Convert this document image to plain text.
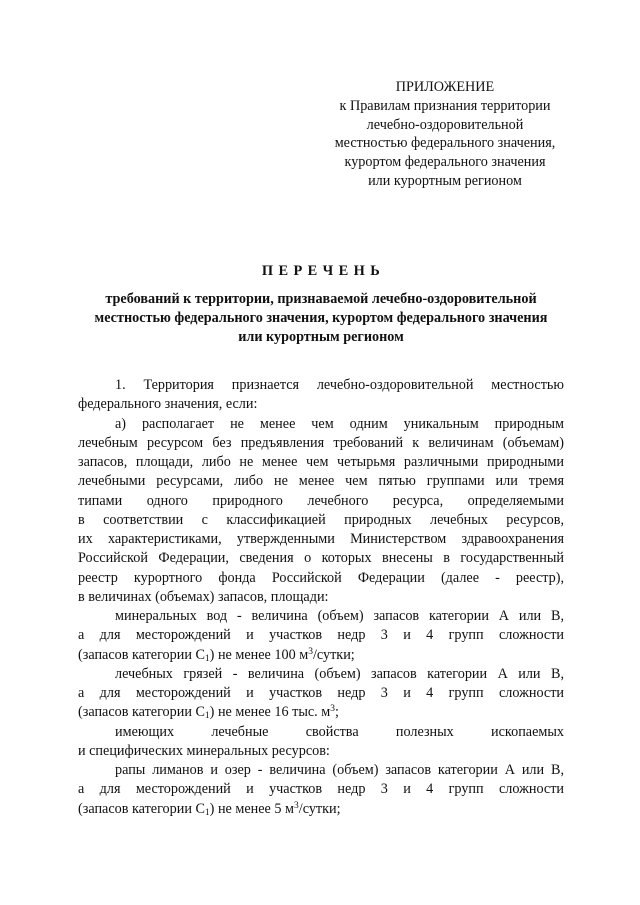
ПРИЛОЖЕНИЕ
к Правилам признания территории
лечебно-оздоровительной
местностью федерального значения,
курортом федерального значения
или курортным регионом
ПЕРЕЧЕНЬ
требований к территории, признаваемой лечебно-оздоровительной
местностью федерального значения, курортом федерального значения
или курортным регионом
1. Территория признается лечебно-оздоровительной местностью
федерального значения, если:
а) располагает не менее чем одним уникальным природным
лечебным ресурсом без предъявления требований к величинам (объемам)
запасов, площади, либо не менее чем четырьмя различными природными
лечебными ресурсами, либо не менее чем пятью группами или тремя
типами одного природного лечебного ресурса, определяемыми
в соответствии с классификацией природных лечебных ресурсов,
их характеристиками, утвержденными Министерством здравоохранения
Российской Федерации, сведения о которых внесены в государственный
реестр курортного фонда Российской Федерации (далее - реестр),
в величинах (объемах) запасов, площади:
минеральных вод - величина (объем) запасов категории А или В,
а для месторождений и участков недр 3 и 4 групп сложности
(запасов категории $С_1$) не менее 100 $м^3$/сутки;
лечебных грязей - величина (объем) запасов категории А или В,
а для месторождений и участков недр 3 и 4 групп сложности
(запасов категории $С_1$) не менее 16 тыс. $м^3$;
имеющих лечебные свойства полезных ископаемых
и специфических минеральных ресурсов:
рапы лиманов и озер - величина (объем) запасов категории А или В,
а для месторождений и участков недр 3 и 4 групп сложности
(запасов категории $С_1$) не менее 5 $м^3$/сутки;
